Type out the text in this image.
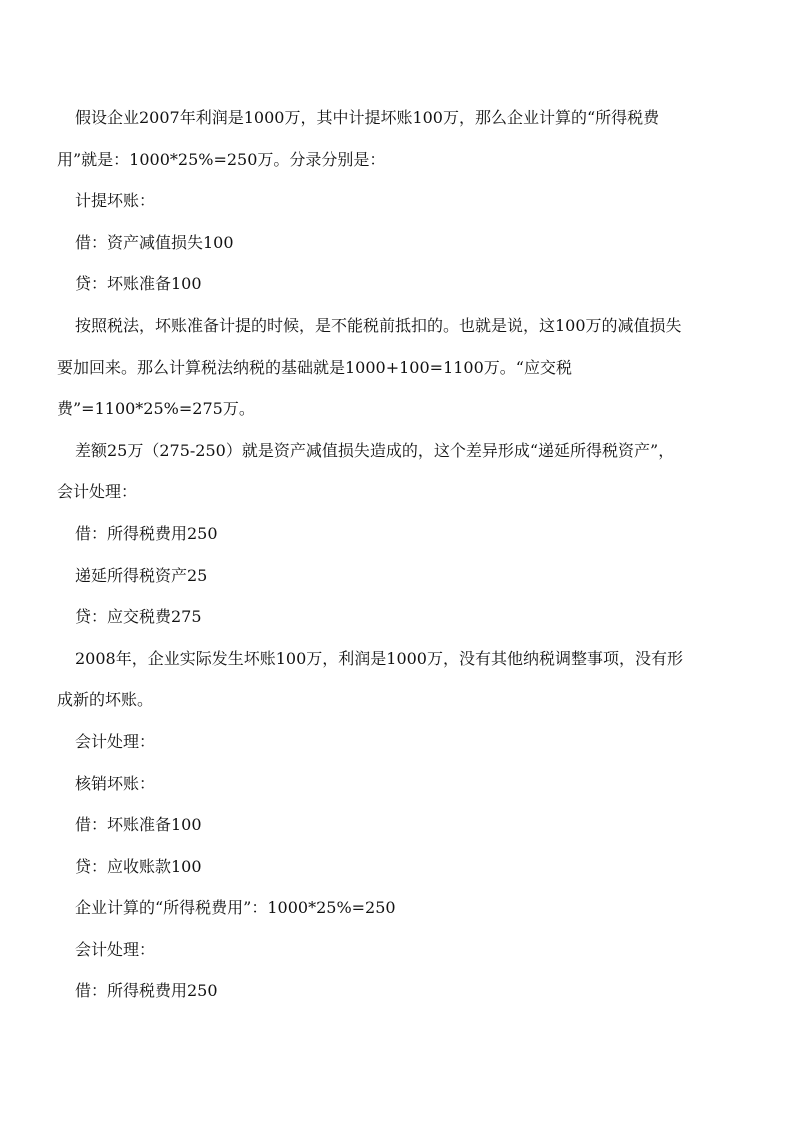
假设企业2007年利润是1000万，其中计提坏账100万，那么企业计算的“所得税费
用”就是：1000*25%=250万。分录分别是：

计提坏账：

借：资产减值损失100

贷：坏账准备100

按照税法，坏账准备计提的时候，是不能税前抵扣的。也就是说，这100万的减值损失
要加回来。那么计算税法纳税的基础就是1000+100=1100万。“应交税
费”=1100*25%=275万。

差额25万（275-250）就是资产减值损失造成的，这个差异形成“递延所得税资产”，
会计处理：

借：所得税费用250

递延所得税资产25

贷：应交税费275

2008年，企业实际发生坏账100万，利润是1000万，没有其他纳税调整事项，没有形
成新的坏账。

会计处理：

核销坏账：

借：坏账准备100

贷：应收账款100

企业计算的“所得税费用”：1000*25%=250

会计处理：

借：所得税费用250
